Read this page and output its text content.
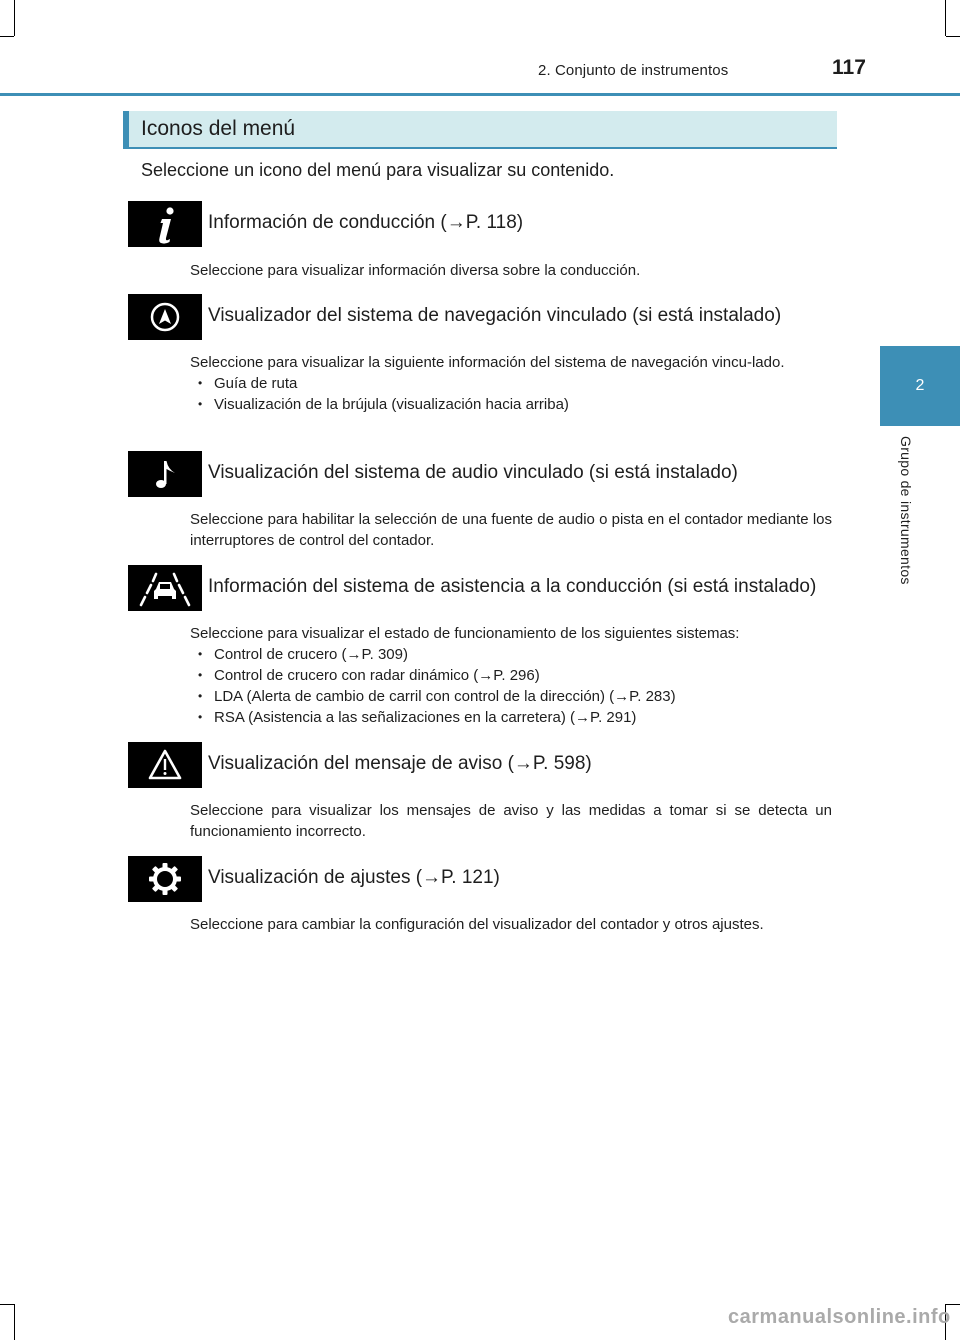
2. Conjunto de instrumentos	117
2
Grupo de instrumentos
Iconos del menú
Seleccione un icono del menú para visualizar su contenido.
Información de conducción (→P. 118)
Seleccione para visualizar información diversa sobre la conducción.
Visualizador del sistema de navegación vinculado (si está instalado)
Seleccione para visualizar la siguiente información del sistema de navegación vincu-lado.
• Guía de ruta
• Visualización de la brújula (visualización hacia arriba)
Visualización del sistema de audio vinculado (si está instalado)
Seleccione para habilitar la selección de una fuente de audio o pista en el contador mediante los interruptores de control del contador.
Información del sistema de asistencia a la conducción (si está instalado)
Seleccione para visualizar el estado de funcionamiento de los siguientes sistemas:
• Control de crucero (→P. 309)
• Control de crucero con radar dinámico (→P. 296)
• LDA (Alerta de cambio de carril con control de la dirección) (→P. 283)
• RSA (Asistencia a las señalizaciones en la carretera) (→P. 291)
Visualización del mensaje de aviso (→P. 598)
Seleccione para visualizar los mensajes de aviso y las medidas a tomar si se detecta un funcionamiento incorrecto.
Visualización de ajustes (→P. 121)
Seleccione para cambiar la configuración del visualizador del contador y otros ajustes.
carmanualsonline.info
